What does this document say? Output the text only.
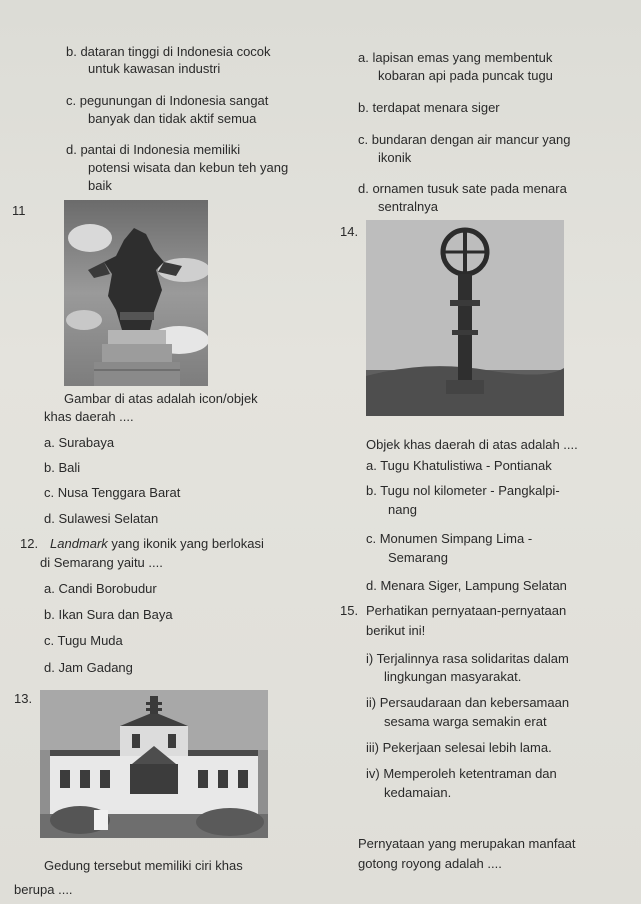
b. dataran tinggi di Indonesia cocok
untuk kawasan industri
c. pegunungan di Indonesia sangat
banyak dan tidak aktif semua
d. pantai di Indonesia memiliki
potensi wisata dan kebun teh yang
baik
a. lapisan emas yang membentuk
kobaran api pada puncak tugu
b. terdapat menara siger
c. bundaran dengan air mancur yang
ikonik
d. ornamen tusuk sate pada menara
sentralnya
11
Gambar di atas adalah icon/objek
khas daerah ....
a. Surabaya
b. Bali
c. Nusa Tenggara Barat
d. Sulawesi Selatan
12. Landmark yang ikonik yang berlokasi
di Semarang yaitu ....
a. Candi Borobudur
b. Ikan Sura dan Baya
c. Tugu Muda
d. Jam Gadang
13.
Gedung tersebut memiliki ciri khas
berupa ....
14.
Objek khas daerah di atas adalah ....
a. Tugu Khatulistiwa - Pontianak
b. Tugu nol kilometer - Pangkalpi-
nang
c. Monumen Simpang Lima -
Semarang
d. Menara Siger, Lampung Selatan
15. Perhatikan pernyataan-pernyataan
berikut ini!
i) Terjalinnya rasa solidaritas dalam
lingkungan masyarakat.
ii) Persaudaraan dan kebersamaan
sesama warga semakin erat
iii) Pekerjaan selesai lebih lama.
iv) Memperoleh ketentraman dan
kedamaian.
Pernyataan yang merupakan manfaat
gotong royong adalah ....
